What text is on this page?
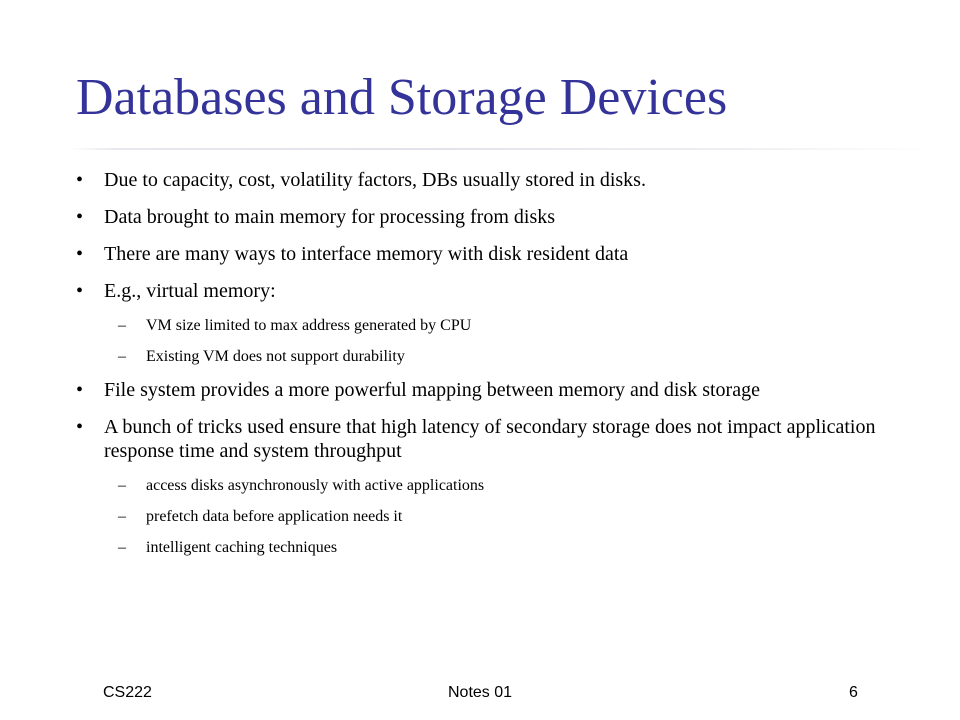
Databases and Storage Devices
• Due to capacity, cost, volatility factors, DBs usually stored in disks.
• Data brought to main memory for processing from disks
• There are many ways to interface memory with disk resident data
• E.g., virtual memory:
– VM size limited to max address generated by CPU
– Existing VM does not support durability
• File system provides a more powerful mapping between memory and disk storage
• A bunch of tricks used ensure that high latency of secondary storage does not impact application response time and system throughput
– access disks asynchronously with active applications
– prefetch data before application needs it
– intelligent caching techniques
CS222	Notes 01	6
